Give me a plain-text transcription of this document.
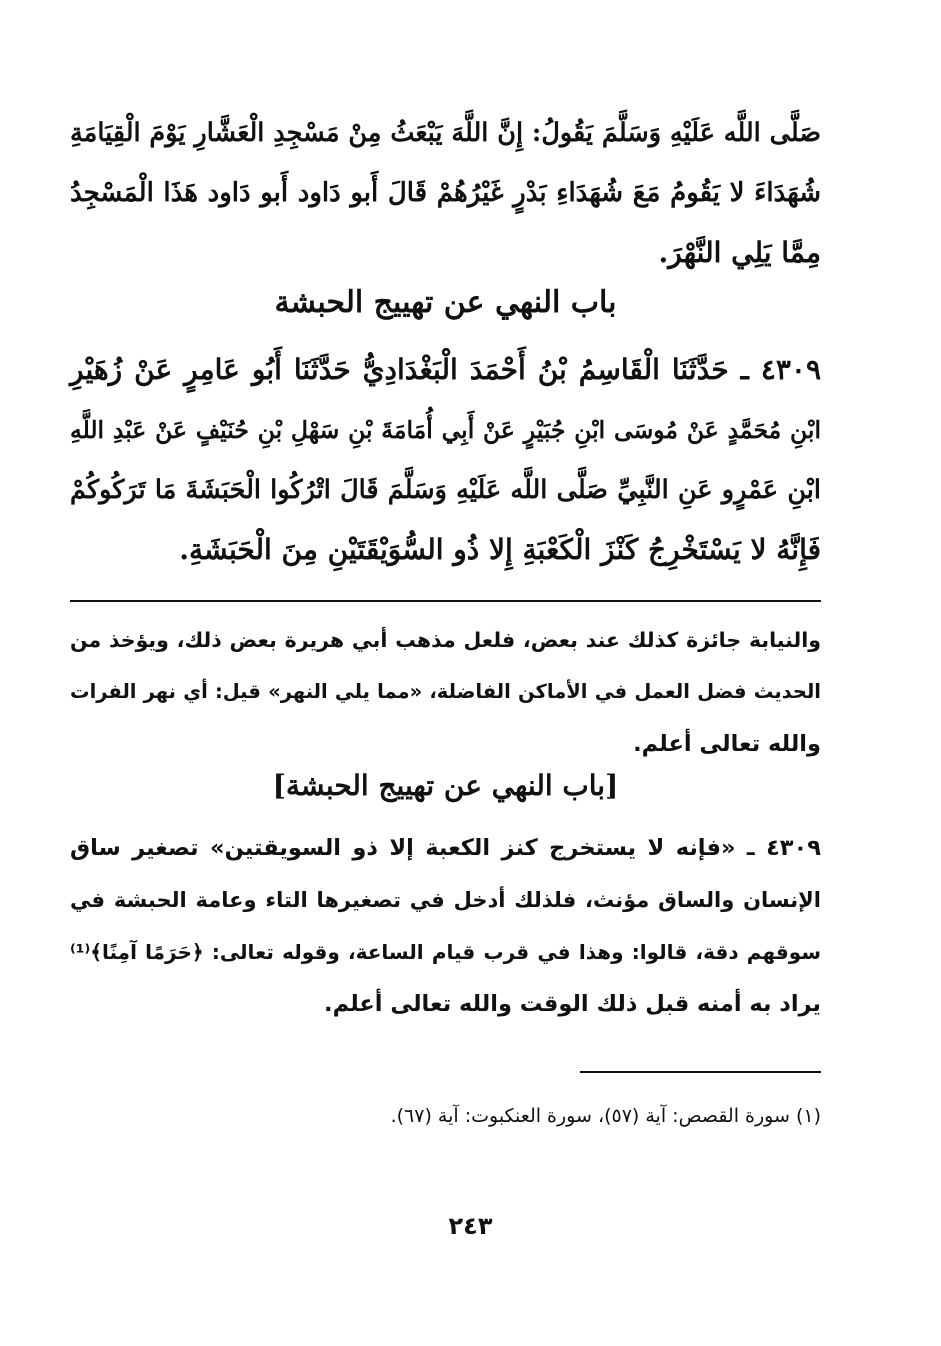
صَلَّى اللَّه عَلَيْهِ وَسَلَّمَ يَقُولُ: إِنَّ اللَّهَ يَبْعَثُ مِنْ مَسْجِدِ الْعَشَّارِ يَوْمَ الْقِيَامَةِ
شُهَدَاءَ لا يَقُومُ مَعَ شُهَدَاءِ بَدْرٍ غَيْرُهُمْ قَالَ أَبو دَاود أَبو دَاود هَذَا الْمَسْجِدُ
مِمَّا يَلِي النَّهْرَ.
باب النهي عن تهييج الحبشة
٤٣٠٩ ـ حَدَّثَنَا الْقَاسِمُ بْنُ أَحْمَدَ الْبَغْدَادِيُّ حَدَّثَنَا أَبُو عَامِرٍ عَنْ زُهَيْرِ
ابْنِ مُحَمَّدٍ عَنْ مُوسَى ابْنِ جُبَيْرٍ عَنْ أَبِي أُمَامَةَ بْنِ سَهْلِ بْنِ حُنَيْفٍ عَنْ عَبْدِ اللَّهِ
ابْنِ عَمْرٍو عَنِ النَّبِيِّ صَلَّى اللَّه عَلَيْهِ وَسَلَّمَ قَالَ اتْرُكُوا الْحَبَشَةَ مَا تَرَكُوكُمْ
فَإِنَّهُ لا يَسْتَخْرِجُ كَنْزَ الْكَعْبَةِ إِلا ذُو السُّوَيْقَتَيْنِ مِنَ الْحَبَشَةِ.
والنيابة جائزة كذلك عند بعض، فلعل مذهب أبي هريرة بعض ذلك، ويؤخذ من
الحديث فضل العمل في الأماكن الفاضلة، «مما يلي النهر» قيل: أي نهر الفرات
والله تعالى أعلم.
[باب النهي عن تهييج الحبشة]
٤٣٠٩ ـ «فإنه لا يستخرج كنز الكعبة إلا ذو السويقتين» تصغير ساق
الإنسان والساق مؤنث، فلذلك أدخل في تصغيرها التاء وعامة الحبشة في
سوقهم دقة، قالوا: وهذا في قرب قيام الساعة، وقوله تعالى: ﴿حَرَمًا آمِنًا﴾⁽¹⁾
يراد به أمنه قبل ذلك الوقت والله تعالى أعلم.
(١) سورة القصص: آية (٥٧)، سورة العنكبوت: آية (٦٧).
٢٤٣
